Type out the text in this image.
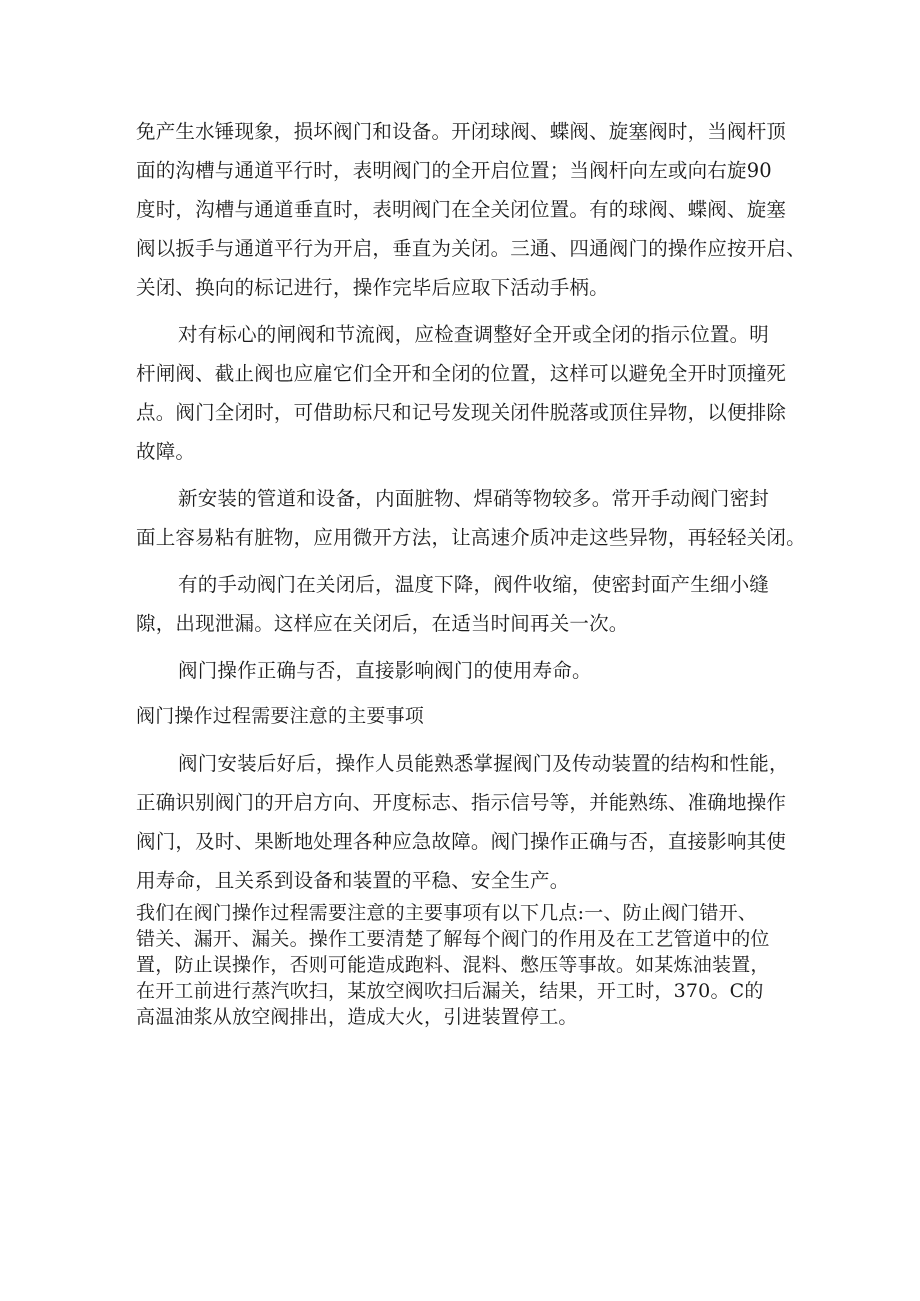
免产生水锤现象，损坏阀门和设备。开闭球阀、蝶阀、旋塞阀时，当阀杆顶
面的沟槽与通道平行时，表明阀门的全开启位置；当阀杆向左或向右旋90
度时，沟槽与通道垂直时，表明阀门在全关闭位置。有的球阀、蝶阀、旋塞
阀以扳手与通道平行为开启，垂直为关闭。三通、四通阀门的操作应按开启、
关闭、换向的标记进行，操作完毕后应取下活动手柄。
对有标心的闸阀和节流阀，应检查调整好全开或全闭的指示位置。明
杆闸阀、截止阀也应雇它们全开和全闭的位置，这样可以避免全开时顶撞死
点。阀门全闭时，可借助标尺和记号发现关闭件脱落或顶住异物，以便排除
故障。
新安装的管道和设备，内面脏物、焊硝等物较多。常开手动阀门密封
面上容易粘有脏物，应用微开方法，让高速介质冲走这些异物，再轻轻关闭。
有的手动阀门在关闭后，温度下降，阀件收缩，使密封面产生细小缝
隙，出现泄漏。这样应在关闭后，在适当时间再关一次。
阀门操作正确与否，直接影响阀门的使用寿命。
阀门操作过程需要注意的主要事项
阀门安装后好后，操作人员能熟悉掌握阀门及传动装置的结构和性能，
正确识别阀门的开启方向、开度标志、指示信号等，并能熟练、准确地操作
阀门，及时、果断地处理各种应急故障。阀门操作正确与否，直接影响其使
用寿命，且关系到设备和装置的平稳、安全生产。
我们在阀门操作过程需要注意的主要事项有以下几点:一、防止阀门错开、
错关、漏开、漏关。操作工要清楚了解每个阀门的作用及在工艺管道中的位
置，防止误操作，否则可能造成跑料、混料、憋压等事故。如某炼油装置，
在开工前进行蒸汽吹扫，某放空阀吹扫后漏关，结果，开工时，370。C的
高温油浆从放空阀排出，造成大火，引进装置停工。
